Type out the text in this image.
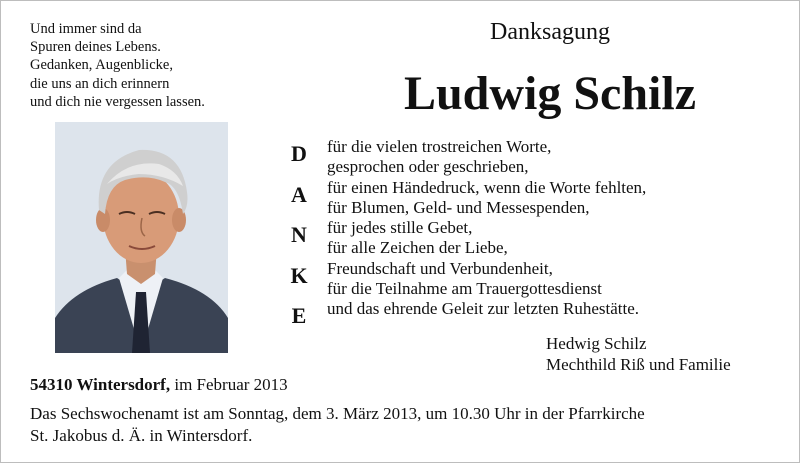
Und immer sind da
Spuren deines Lebens.
Gedanken, Augenblicke,
die uns an dich erinnern
und dich nie vergessen lassen.
Danksagung
Ludwig Schilz
D
A
N
K
E
für die vielen trostreichen Worte,
gesprochen oder geschrieben,
für einen Händedruck, wenn die Worte fehlten,
für Blumen, Geld- und Messespenden,
für jedes stille Gebet,
für alle Zeichen der Liebe,
Freundschaft und Verbundenheit,
für die Teilnahme am Trauergottesdienst
und das ehrende Geleit zur letzten Ruhestätte.
Hedwig Schilz
Mechthild Riß und Familie
54310 Wintersdorf, im Februar 2013
Das Sechswochenamt ist am Sonntag, dem 3. März 2013, um 10.30 Uhr in der Pfarrkirche
St. Jakobus d. Ä. in Wintersdorf.
